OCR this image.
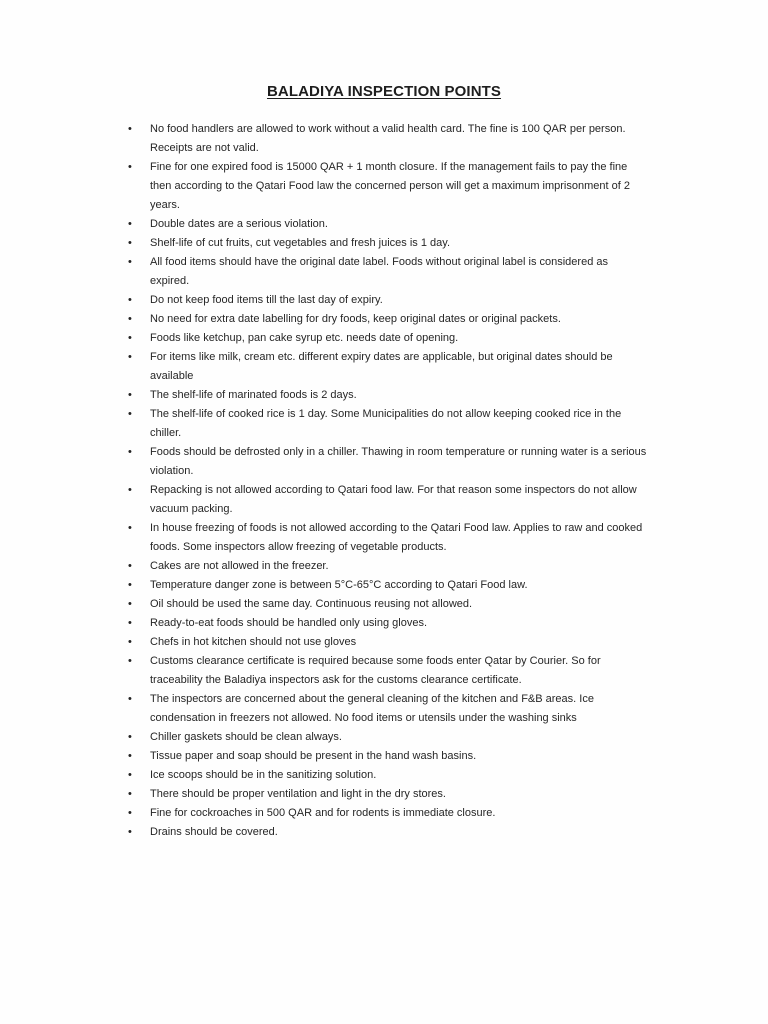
BALADIYA INSPECTION POINTS
• No food handlers are allowed to work without a valid health card. The fine is 100 QAR per person. Receipts are not valid.
• Fine for one expired food is 15000 QAR + 1 month closure. If the management fails to pay the fine then according to the Qatari Food law the concerned person will get a maximum imprisonment of 2 years.
• Double dates are a serious violation.
• Shelf-life of cut fruits, cut vegetables and fresh juices is 1 day.
• All food items should have the original date label. Foods without original label is considered as expired.
• Do not keep food items till the last day of expiry.
• No need for extra date labelling for dry foods, keep original dates or original packets.
• Foods like ketchup, pan cake syrup etc. needs date of opening.
• For items like milk, cream etc. different expiry dates are applicable, but original dates should be available
• The shelf-life of marinated foods is 2 days.
• The shelf-life of cooked rice is 1 day. Some Municipalities do not allow keeping cooked rice in the chiller.
• Foods should be defrosted only in a chiller. Thawing in room temperature or running water is a serious violation.
• Repacking is not allowed according to Qatari food law. For that reason some inspectors do not allow vacuum packing.
• In house freezing of foods is not allowed according to the Qatari Food law. Applies to raw and cooked foods. Some inspectors allow freezing of vegetable products.
• Cakes are not allowed in the freezer.
• Temperature danger zone is between 5°C-65°C according to Qatari Food law.
• Oil should be used the same day. Continuous reusing not allowed.
• Ready-to-eat foods should be handled only using gloves.
• Chefs in hot kitchen should not use gloves
• Customs clearance certificate is required because some foods enter Qatar by Courier. So for traceability the Baladiya inspectors ask for the customs clearance certificate.
• The inspectors are concerned about the general cleaning of the kitchen and F&B areas. Ice condensation in freezers not allowed. No food items or utensils under the washing sinks
• Chiller gaskets should be clean always.
• Tissue paper and soap should be present in the hand wash basins.
• Ice scoops should be in the sanitizing solution.
• There should be proper ventilation and light in the dry stores.
• Fine for cockroaches in 500 QAR and for rodents is immediate closure.
• Drains should be covered.
